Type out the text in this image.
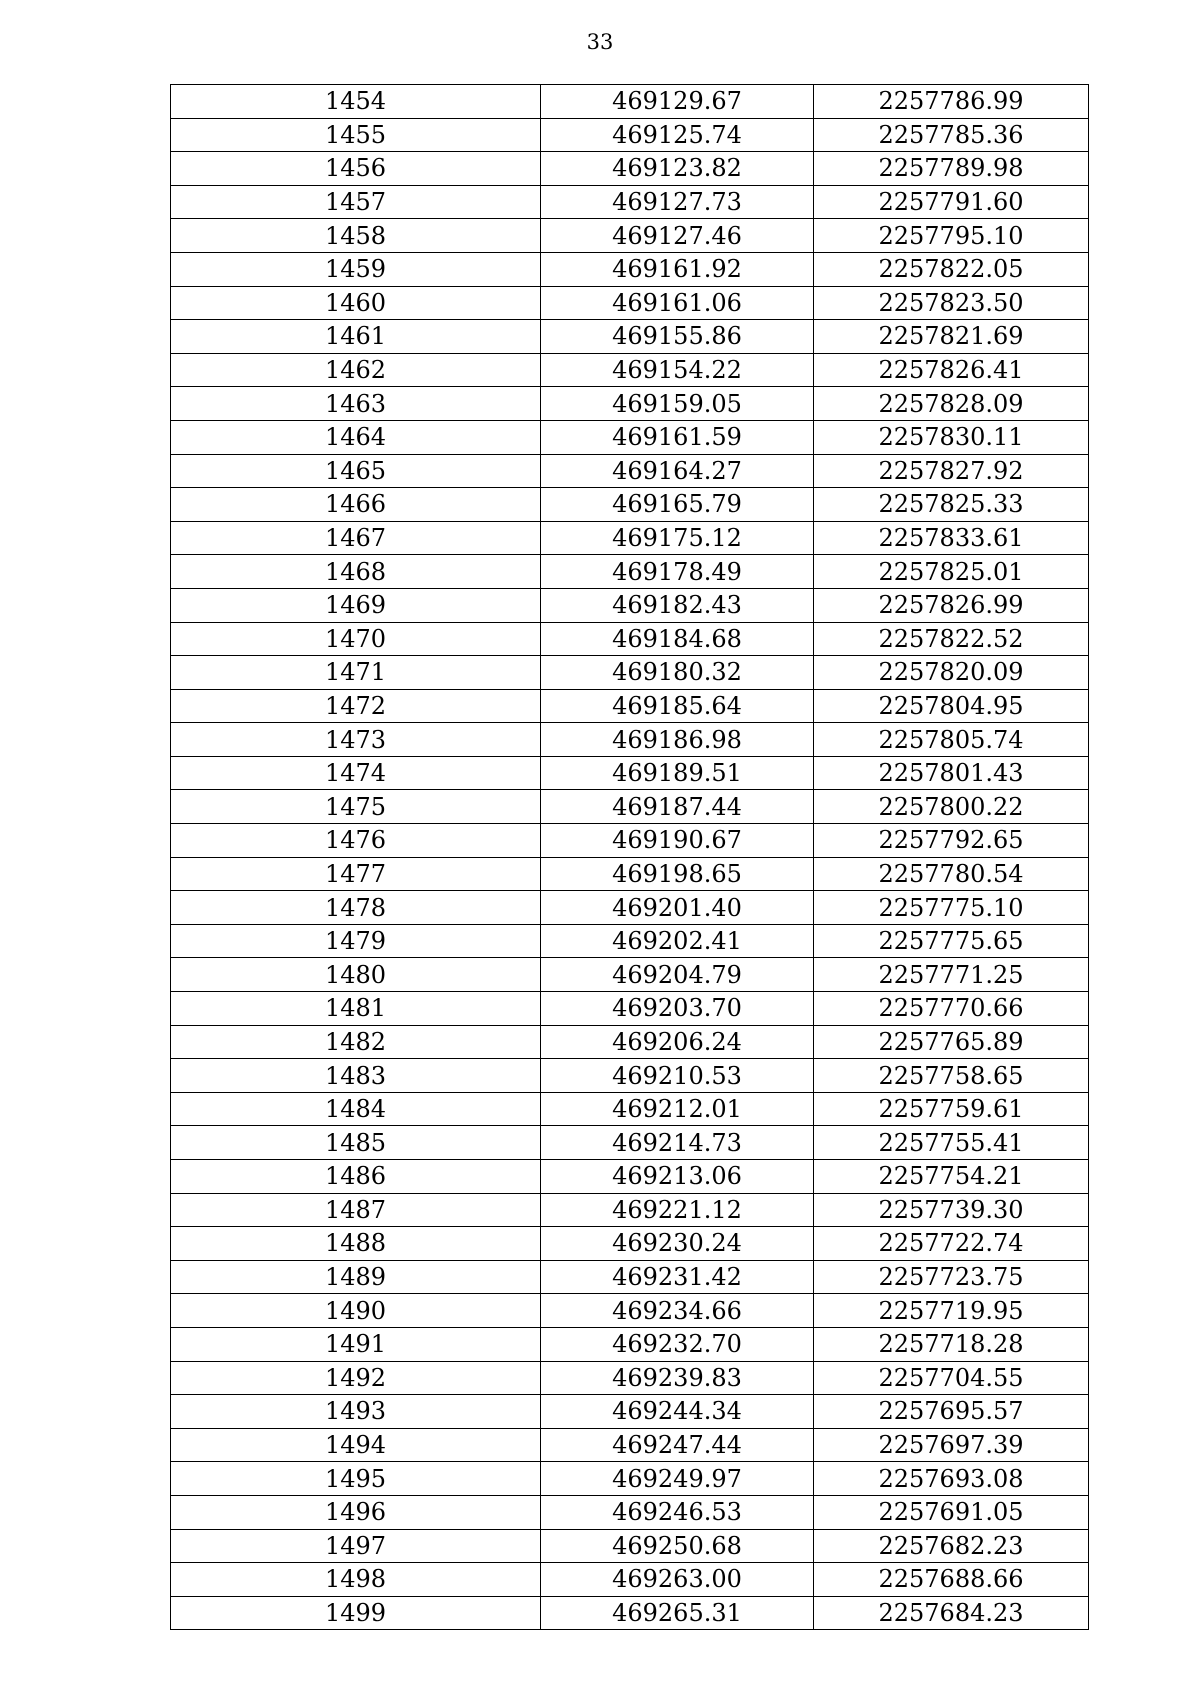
33
1454	469129.67	2257786.99
1455	469125.74	2257785.36
1456	469123.82	2257789.98
1457	469127.73	2257791.60
1458	469127.46	2257795.10
1459	469161.92	2257822.05
1460	469161.06	2257823.50
1461	469155.86	2257821.69
1462	469154.22	2257826.41
1463	469159.05	2257828.09
1464	469161.59	2257830.11
1465	469164.27	2257827.92
1466	469165.79	2257825.33
1467	469175.12	2257833.61
1468	469178.49	2257825.01
1469	469182.43	2257826.99
1470	469184.68	2257822.52
1471	469180.32	2257820.09
1472	469185.64	2257804.95
1473	469186.98	2257805.74
1474	469189.51	2257801.43
1475	469187.44	2257800.22
1476	469190.67	2257792.65
1477	469198.65	2257780.54
1478	469201.40	2257775.10
1479	469202.41	2257775.65
1480	469204.79	2257771.25
1481	469203.70	2257770.66
1482	469206.24	2257765.89
1483	469210.53	2257758.65
1484	469212.01	2257759.61
1485	469214.73	2257755.41
1486	469213.06	2257754.21
1487	469221.12	2257739.30
1488	469230.24	2257722.74
1489	469231.42	2257723.75
1490	469234.66	2257719.95
1491	469232.70	2257718.28
1492	469239.83	2257704.55
1493	469244.34	2257695.57
1494	469247.44	2257697.39
1495	469249.97	2257693.08
1496	469246.53	2257691.05
1497	469250.68	2257682.23
1498	469263.00	2257688.66
1499	469265.31	2257684.23
